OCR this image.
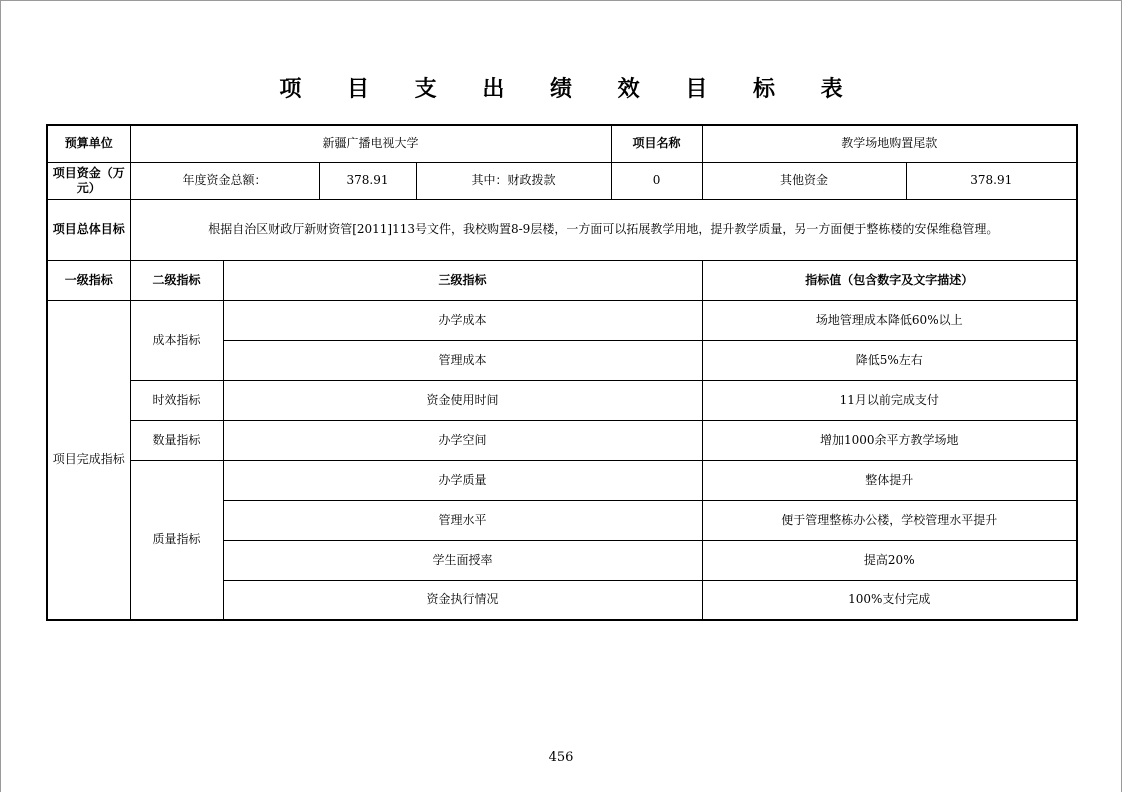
项 目 支 出 绩 效 目 标 表
预算单位	新疆广播电视大学				项目名称	教学场地购置尾款	
项目资金（万元）	年度资金总额：		378.91	其中：财政拨款	0	其他资金	378.91
项目总体目标	根据自治区财政厅新财资管[2011]113号文件，我校购置8-9层楼，一方面可以拓展教学用地，提升教学质量，另一方面便于整栋楼的安保维稳管理。						
一级指标	二级指标	三级指标				指标值（包含数字及文字描述）	
项目完成指标	成本指标	办学成本				场地管理成本降低60%以上	
		管理成本				降低5%左右	
	时效指标	资金使用时间				11月以前完成支付	
	数量指标	办学空间				增加1000余平方教学场地	
	质量指标	办学质量				整体提升	
		管理水平				便于管理整栋办公楼，学校管理水平提升	
		学生面授率				提高20%	
		资金执行情况				100%支付完成	
456
